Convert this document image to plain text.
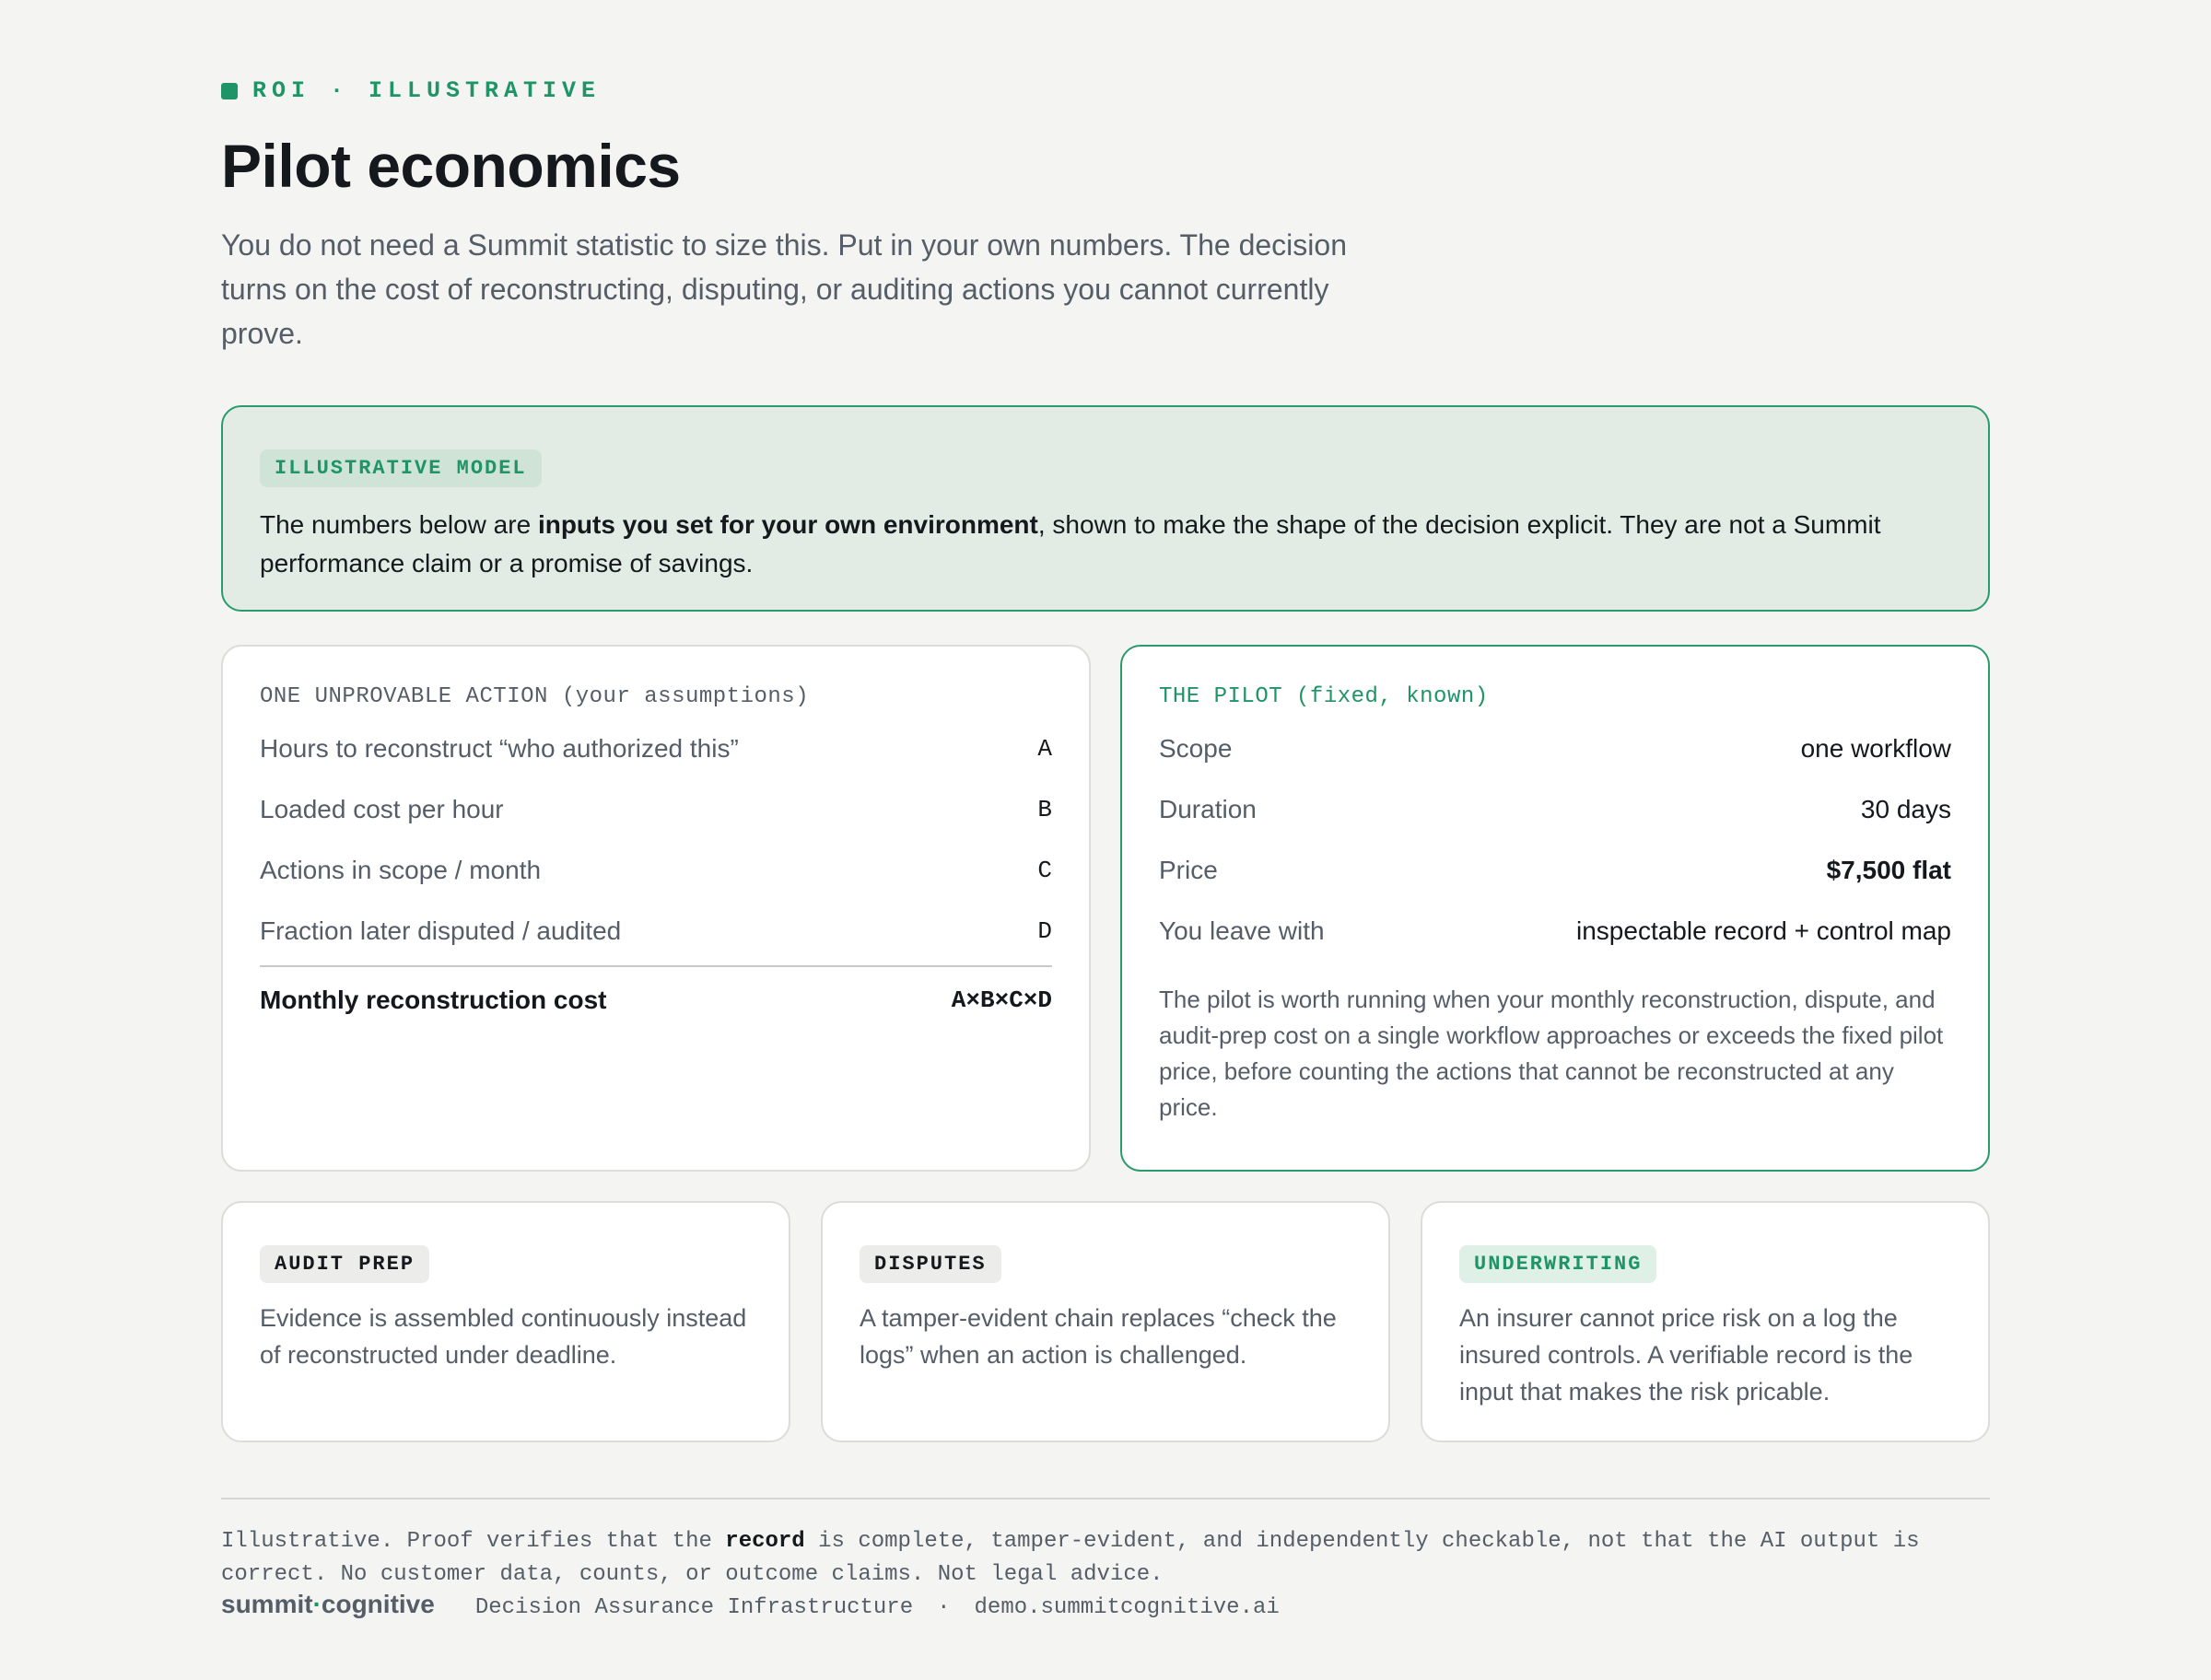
ROI · ILLUSTRATIVE
Pilot economics

You do not need a Summit statistic to size this. Put in your own numbers. The decision turns on the cost of reconstructing, disputing, or auditing actions you cannot currently prove.

ILLUSTRATIVE MODEL

The numbers below are inputs you set for your own environment, shown to make the shape of the decision explicit. They are not a Summit performance claim or a promise of savings.

ONE UNPROVABLE ACTION (your assumptions)
Hours to reconstruct “who authorized this”	A
Loaded cost per hour	B
Actions in scope / month	C
Fraction later disputed / audited	D
Monthly reconstruction cost	A×B×C×D
THE PILOT (fixed, known)
Scope	one workflow
Duration	30 days
Price	$7,500 flat
You leave with	inspectable record + control map

The pilot is worth running when your monthly reconstruction, dispute, and audit-prep cost on a single workflow approaches or exceeds the fixed pilot price, before counting the actions that cannot be reconstructed at any price.

AUDIT PREP

Evidence is assembled continuously instead of reconstructed under deadline.

DISPUTES

A tamper-evident chain replaces “check the logs” when an action is challenged.

UNDERWRITING

An insurer cannot price risk on a log the insured controls. A verifiable record is the input that makes the risk pricable.

Illustrative. Proof verifies that the record is complete, tamper-evident, and independently checkable, not that the AI output is correct. No customer data, counts, or outcome claims. Not legal advice.

summit·cognitive Decision Assurance Infrastructure · demo.summitcognitive.ai
